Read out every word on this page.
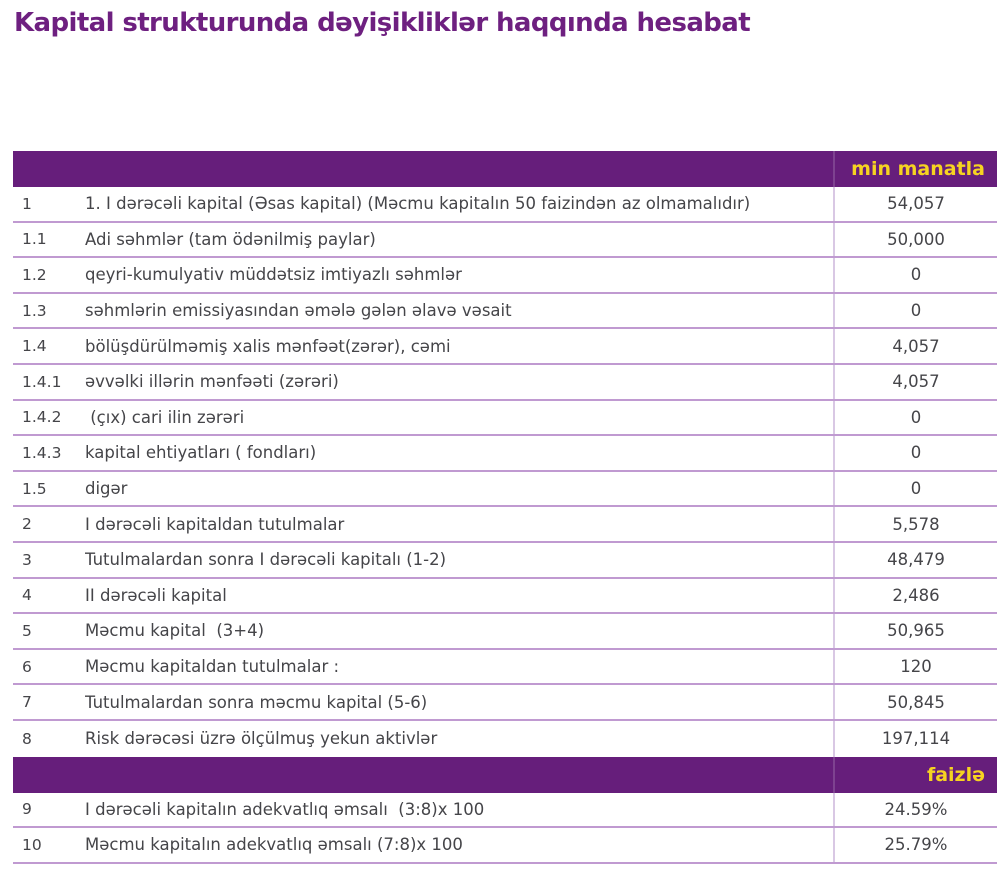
Kapital strukturunda dəyişikliklər haqqında hesabat
min manatla
1	1. I dərəcəli kapital (Əsas kapital) (Məcmu kapitalın 50 faizindən az olmamalıdır)	54,057
1.1	Adi səhmlər (tam ödənilmiş paylar)	50,000
1.2	qeyri-kumulyativ müddətsiz imtiyazlı səhmlər	0
1.3	səhmlərin emissiyasından əmələ gələn əlavə vəsait	0
1.4	bölüşdürülməmiş xalis mənfəət(zərər), cəmi	4,057
1.4.1	əvvəlki illərin mənfəəti (zərəri)	4,057
1.4.2	(çıx) cari ilin zərəri	0
1.4.3	kapital ehtiyatları ( fondları)	0
1.5	digər	0
2	I dərəcəli kapitaldan tutulmalar	5,578
3	Tutulmalardan sonra I dərəcəli kapitalı (1-2)	48,479
4	II dərəcəli kapital	2,486
5	Məcmu kapital  (3+4)	50,965
6	Məcmu kapitaldan tutulmalar :	120
7	Tutulmalardan sonra məcmu kapital (5-6)	50,845
8	Risk dərəcəsi üzrə ölçülmuş yekun aktivlər	197,114
faizlə
9	I dərəcəli kapitalın adekvatlıq əmsalı  (3:8)x 100	24.59%
10	Məcmu kapitalın adekvatlıq əmsalı (7:8)x 100	25.79%
